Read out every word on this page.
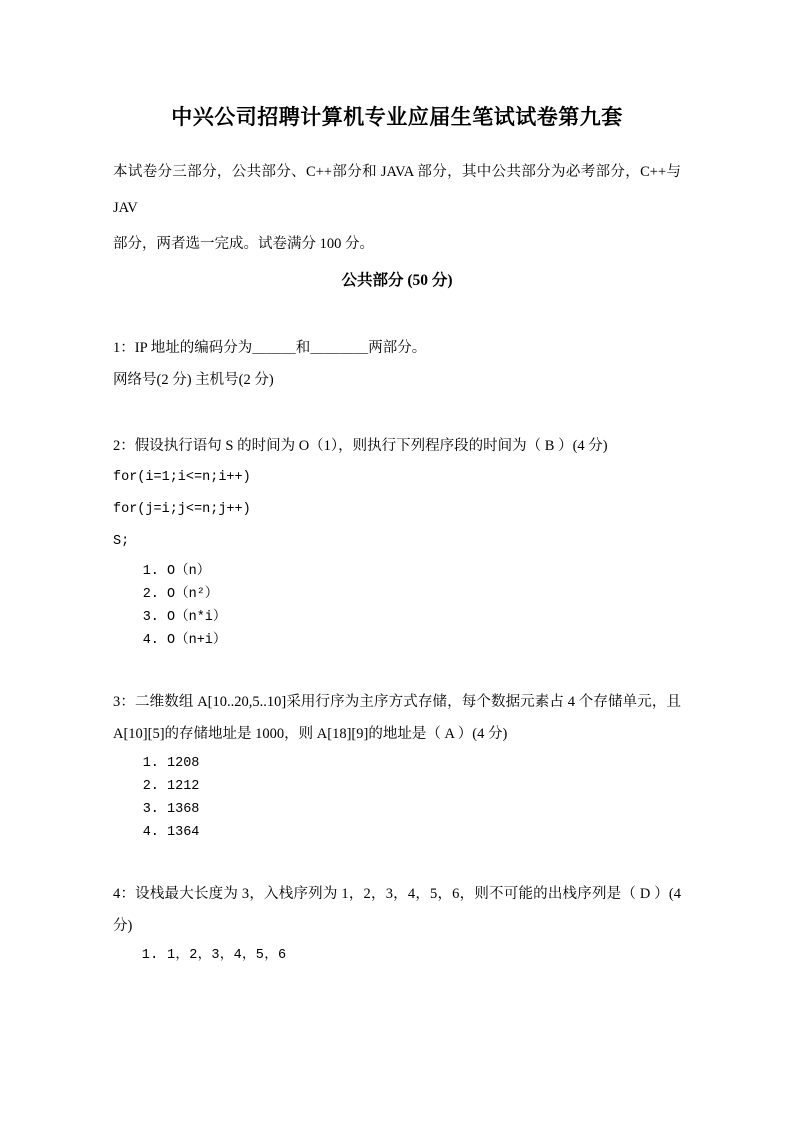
中兴公司招聘计算机专业应届生笔试试卷第九套

本试卷分三部分，公共部分、C++部分和 JAVA 部分，其中公共部分为必考部分，C++与 JAV

部分，两者选一完成。试卷满分 100 分。

公共部分 (50 分)

1：IP 地址的编码分为＿＿＿和＿＿＿＿两部分。

网络号(2 分) 主机号(2 分)

2：假设执行语句 S 的时间为 O（1），则执行下列程序段的时间为（ B ）(4 分)

for(i=1;i<=n;i++)

for(j=i;j<=n;j++)

S;

1. O（n）
2. O（n²）
3. O（n*i）
4. O（n+i）

3：二维数组 A[10..20,5..10]采用行序为主序方式存储，每个数据元素占 4 个存储单元，且 A[10][5]的存储地址是 1000，则 A[18][9]的地址是（ A ）(4 分)

1. 1208
2. 1212
3. 1368
4. 1364

4：设栈最大长度为 3，入栈序列为 1，2，3，4，5，6，则不可能的出栈序列是（ D ）(4 分)

1. 1，2，3，4，5，6
